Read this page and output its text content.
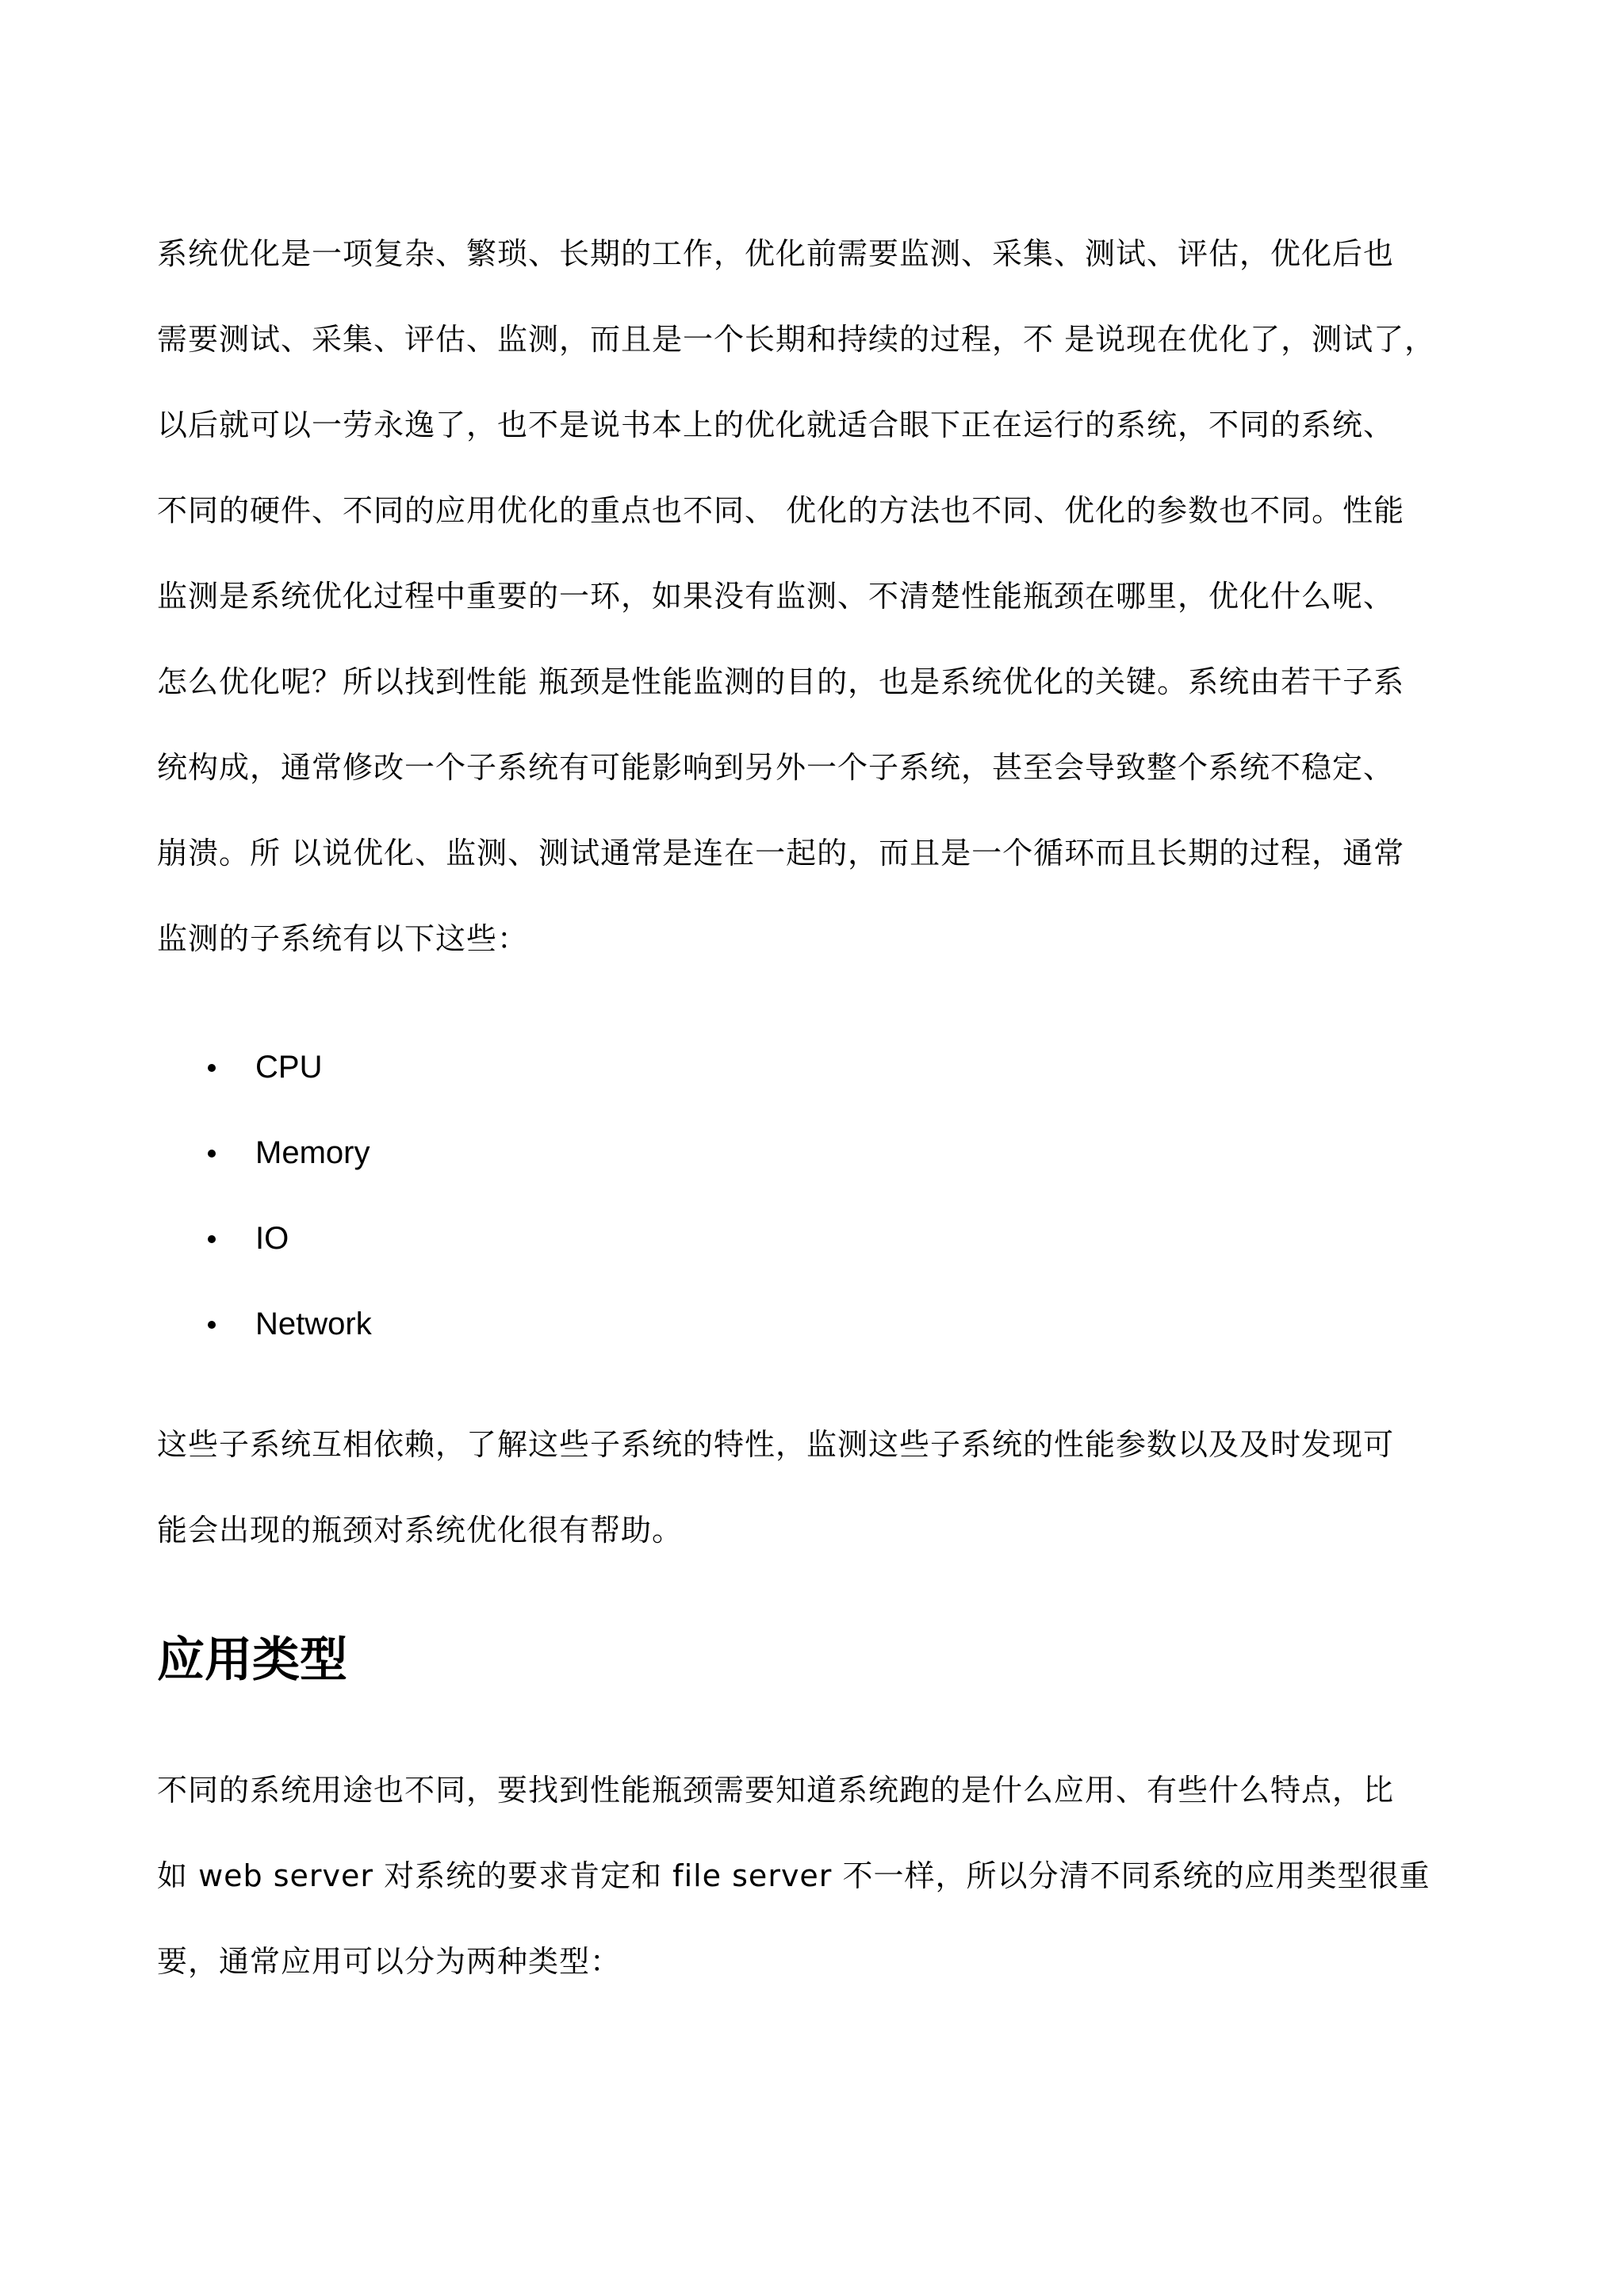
系统优化是一项复杂、繁琐、长期的工作，优化前需要监测、采集、测试、评估，优化后也
需要测试、采集、评估、监测，而且是一个长期和持续的过程，不 是说现在优化了，测试了，
以后就可以一劳永逸了，也不是说书本上的优化就适合眼下正在运行的系统，不同的系统、
不同的硬件、不同的应用优化的重点也不同、 优化的方法也不同、优化的参数也不同。性能
监测是系统优化过程中重要的一环，如果没有监测、不清楚性能瓶颈在哪里，优化什么呢、
怎么优化呢？所以找到性能 瓶颈是性能监测的目的，也是系统优化的关键。系统由若干子系
统构成，通常修改一个子系统有可能影响到另外一个子系统，甚至会导致整个系统不稳定、
崩溃。所 以说优化、监测、测试通常是连在一起的，而且是一个循环而且长期的过程，通常
监测的子系统有以下这些：

CPU
Memory
IO
Network

这些子系统互相依赖，了解这些子系统的特性，监测这些子系统的性能参数以及及时发现可
能会出现的瓶颈对系统优化很有帮助。

应用类型

不同的系统用途也不同，要找到性能瓶颈需要知道系统跑的是什么应用、有些什么特点，比
如 web server 对系统的要求肯定和 file server 不一样，所以分清不同系统的应用类型很重
要，通常应用可以分为两种类型：
